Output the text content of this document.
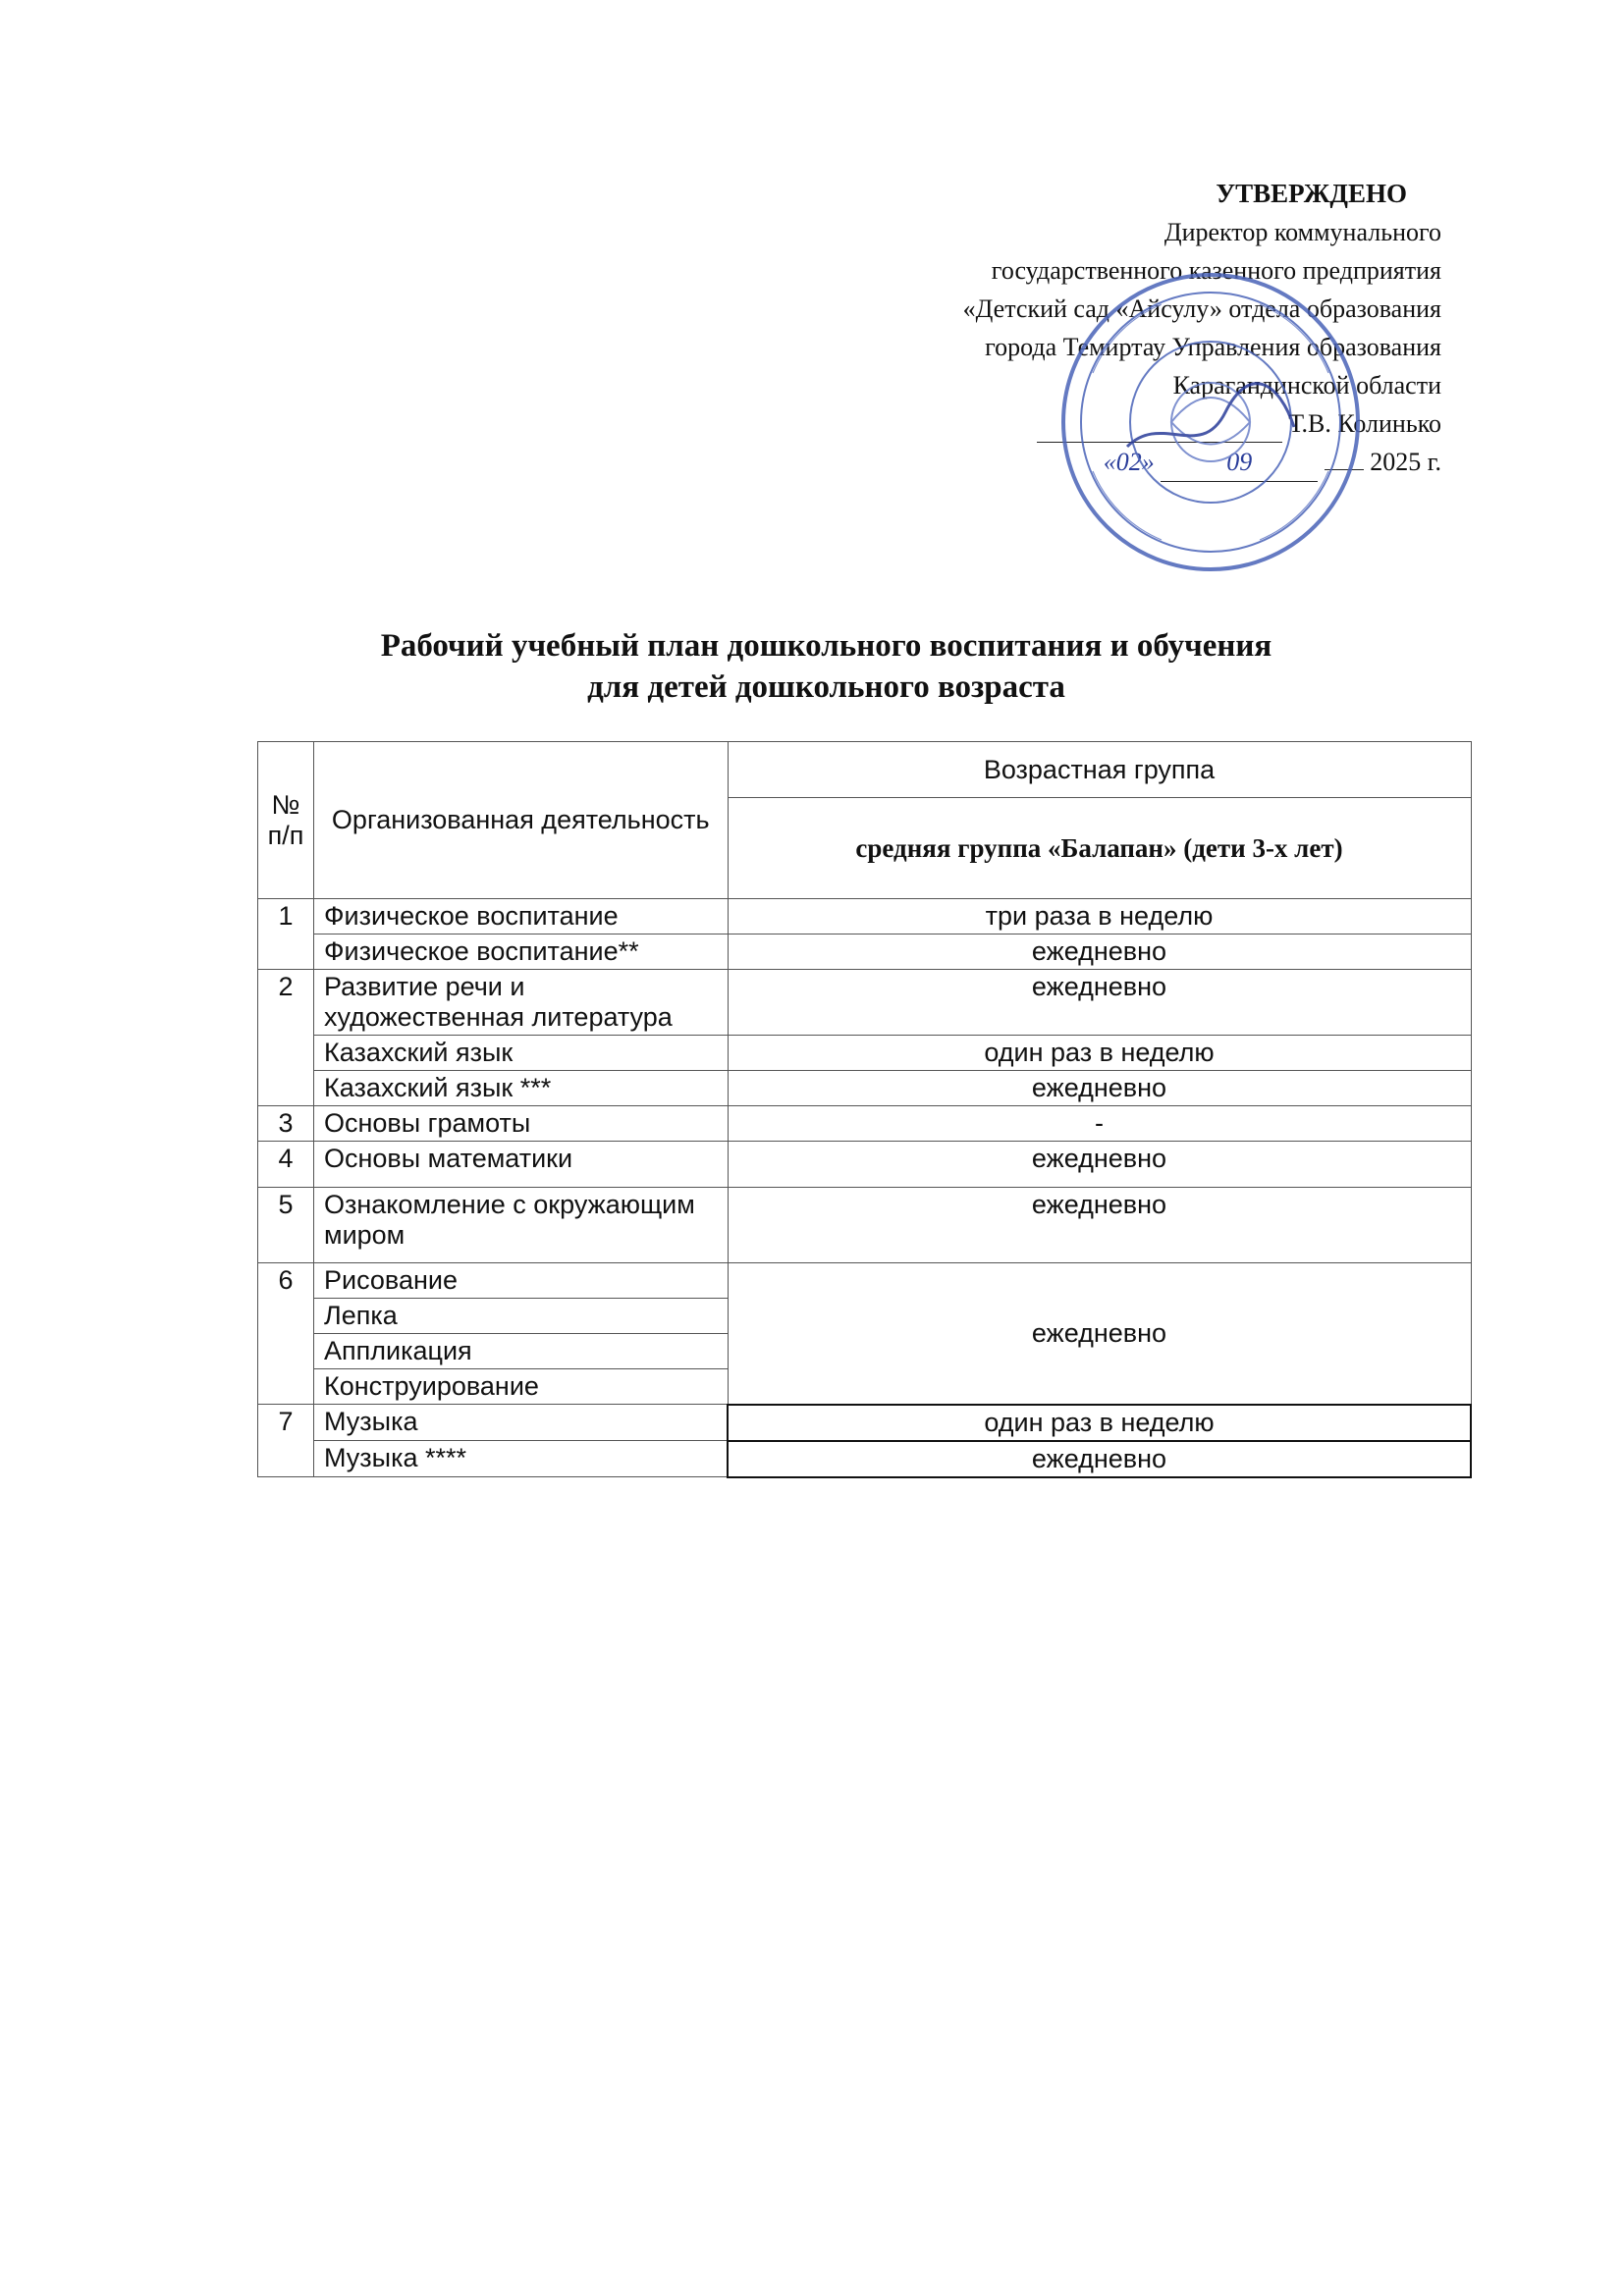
УТВЕРЖДЕНО
Директор коммунального
государственного казенного предприятия
«Детский сад «Айсулу» отдела образования
города Темиртау Управления образования
Карагандинской области
Т.В. Колинько
«02»	09	2025 г.
Рабочий учебный план дошкольного воспитания и обучения
для детей дошкольного возраста
№ п/п	Организованная деятельность	Возрастная группа
		средняя группа «Балапан» (дети 3-х лет)
1	Физическое воспитание	три раза в неделю
	Физическое воспитание**	ежедневно
2	Развитие речи и художественная литература	ежедневно
	Казахский язык	один раз в неделю
	Казахский язык ***	ежедневно
3	Основы грамоты	-
4	Основы математики	ежедневно
5	Ознакомление с окружающим миром	ежедневно
6	Рисование	ежедневно
	Лепка	
	Аппликация	
	Конструирование	
7	Музыка	один раз в неделю
	Музыка ****	ежедневно
